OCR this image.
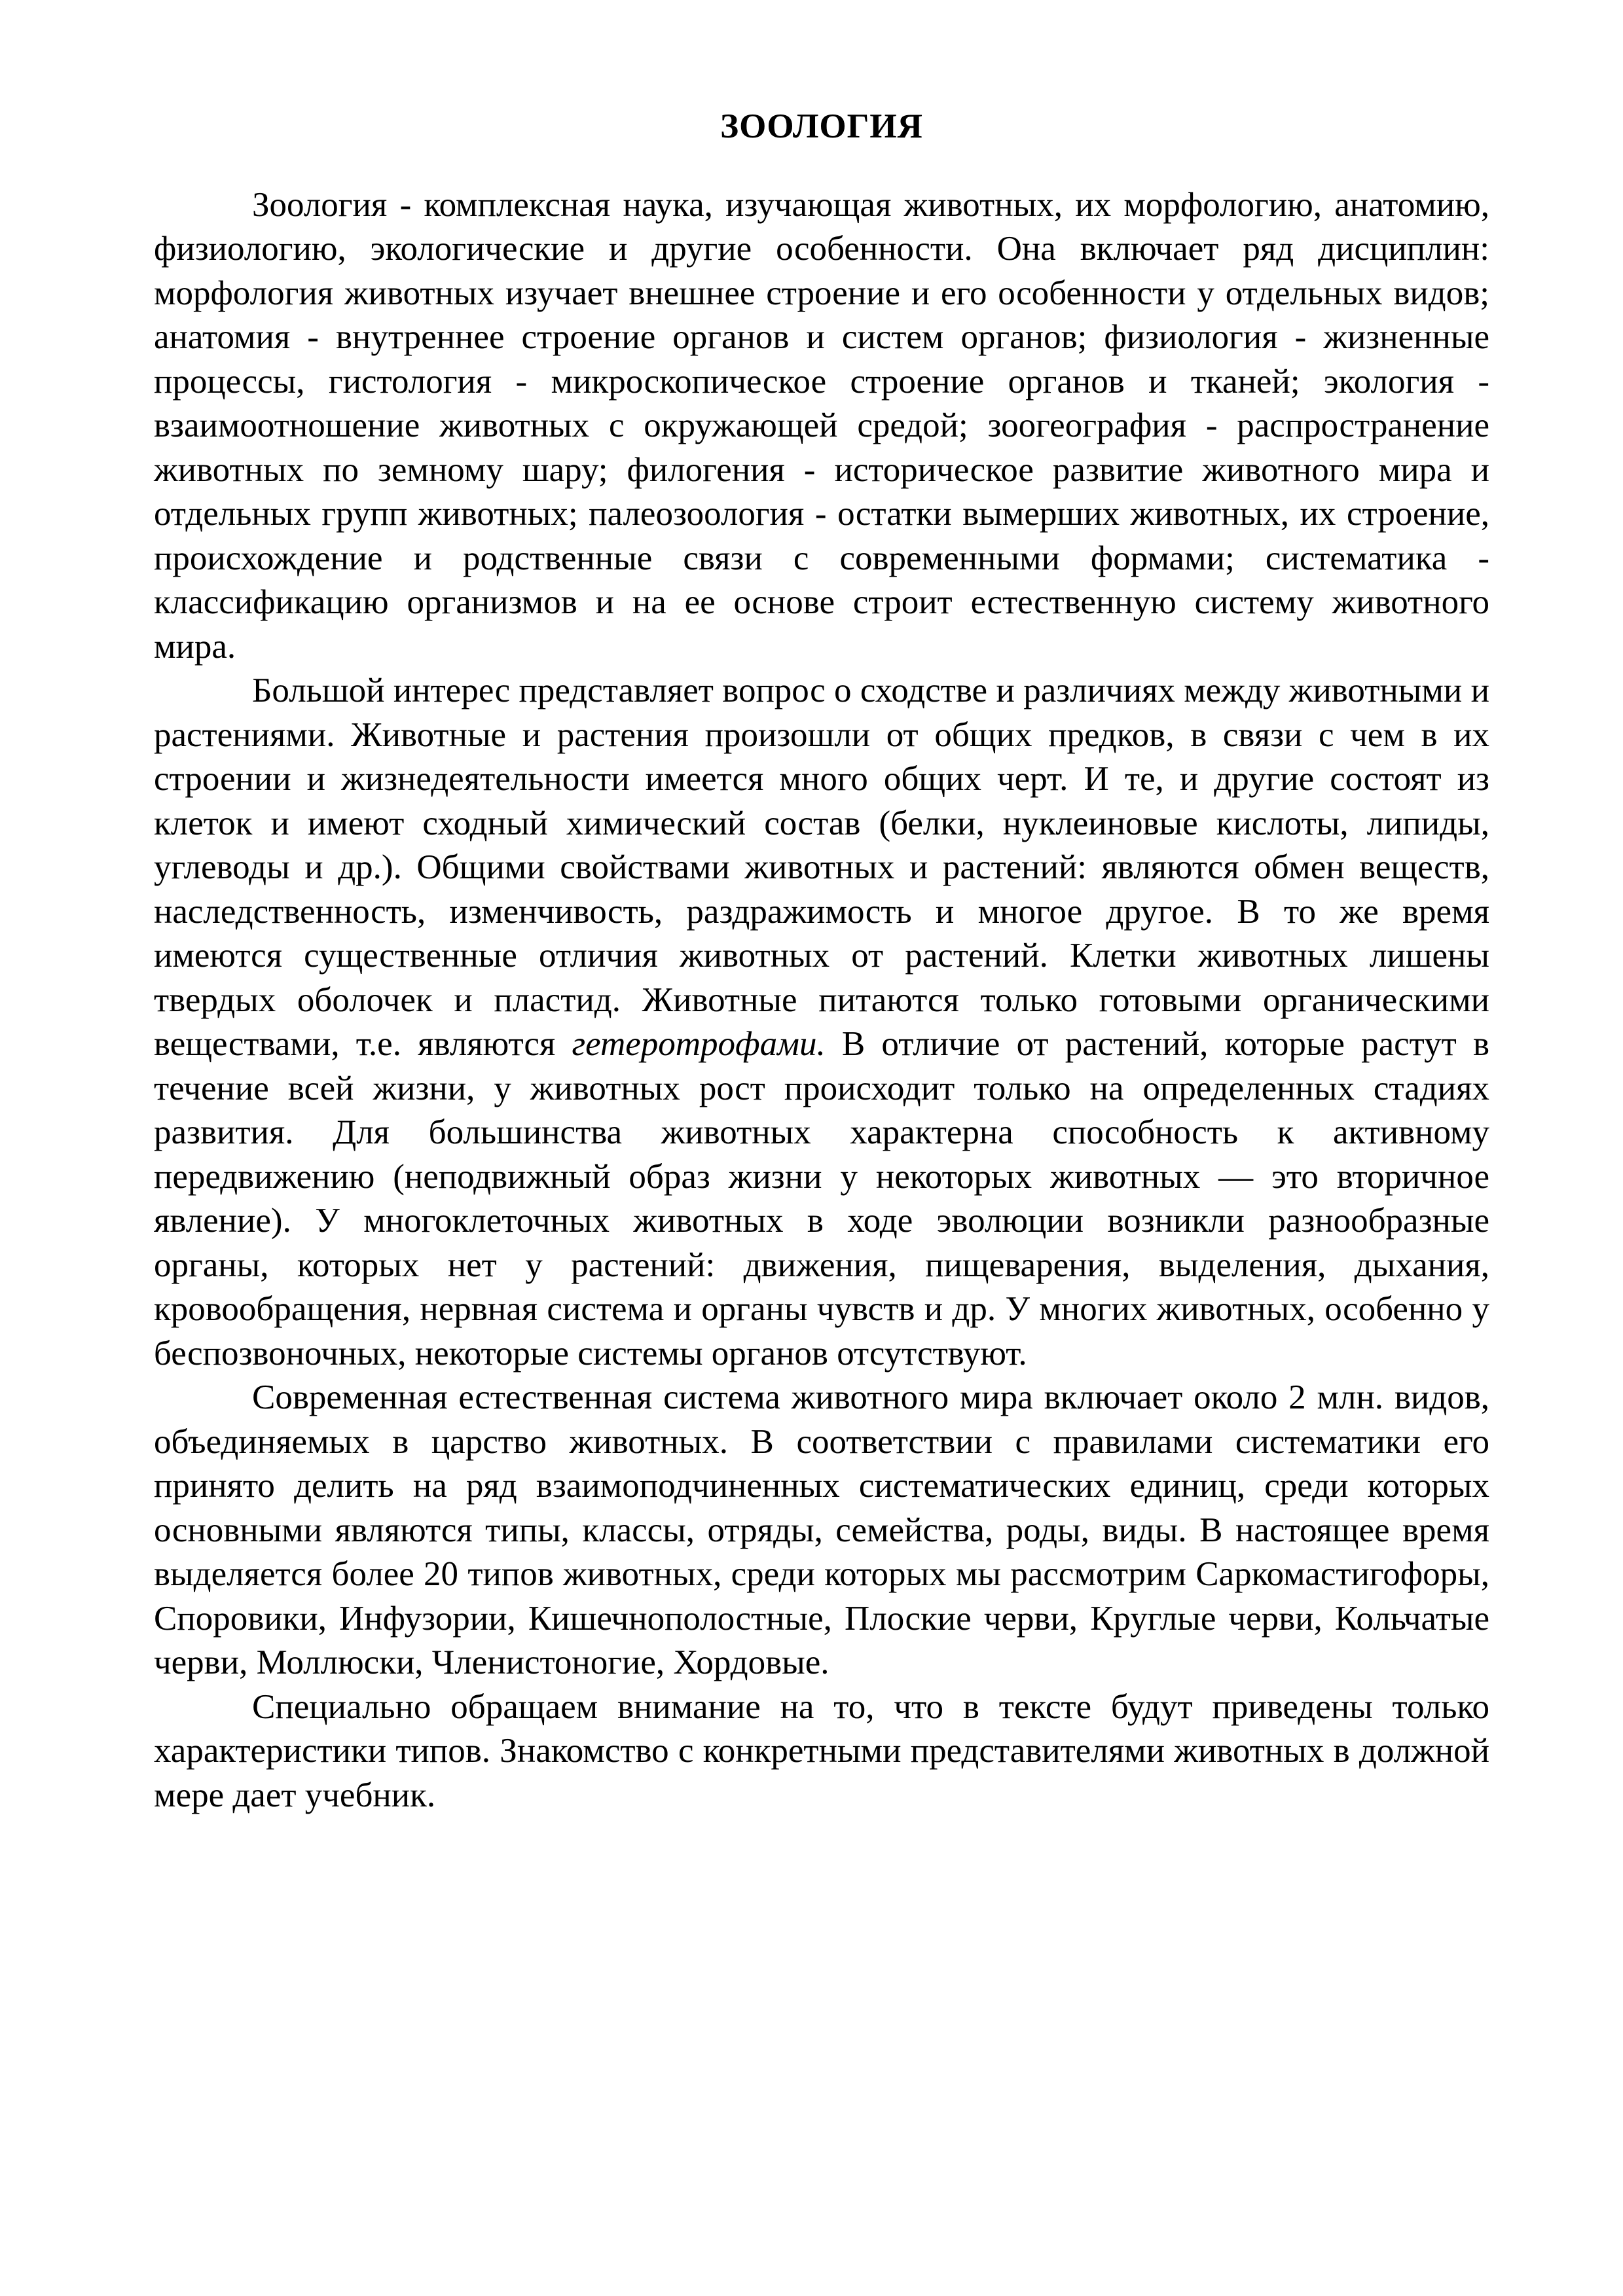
ЗООЛОГИЯ

Зоология - комплексная наука, изучающая животных, их морфологию, анатомию, физиологию, экологические и другие особенности. Она включает ряд дисциплин: морфология животных изучает внешнее строение и его особенности у отдельных видов; анатомия - внутреннее строение органов и систем органов; физиология - жизненные процессы, гистология - микроскопическое строение органов и тканей; экология - взаимоотношение животных с окружающей средой; зоогеография - распространение животных по земному шару; филогения - историческое развитие животного мира и отдельных групп животных; палеозоология - остатки вымерших животных, их строение, происхождение и родственные связи с современными формами; систематика - классификацию организмов и на ее основе строит естественную систему животного мира.

Большой интерес представляет вопрос о сходстве и различиях между животными и растениями. Животные и растения произошли от общих предков, в связи с чем в их строении и жизнедеятельности имеется много общих черт. И те, и другие состоят из клеток и имеют сходный химический состав (белки, нуклеиновые кислоты, липиды, углеводы и др.). Общими свойствами животных и растений: являются обмен веществ, наследственность, изменчивость, раздражимость и многое другое. В то же время имеются существенные отличия животных от растений. Клетки животных лишены твердых оболочек и пластид. Животные питаются только готовыми органическими веществами, т.е. являются гетеротрофами. В отличие от растений, которые растут в течение всей жизни, у животных рост происходит только на определенных стадиях развития. Для большинства животных характерна способность к активному передвижению (неподвижный образ жизни у некоторых животных — это вторичное явление). У многоклеточных животных в ходе эволюции возникли разнообразные органы, которых нет у растений: движения, пищеварения, выделения, дыхания, кровообращения, нервная система и органы чувств и др. У многих животных, особенно у беспозвоночных, некоторые системы органов отсутствуют.

Современная естественная система животного мира включает около 2 млн. видов, объединяемых в царство животных. В соответствии с правилами систематики его принято делить на ряд взаимоподчиненных систематических единиц, среди которых основными являются типы, классы, отряды, семейства, роды, виды. В настоящее время выделяется более 20 типов животных, среди которых мы рассмотрим Саркомастигофоры, Споровики, Инфузории, Кишечнополостные, Плоские черви, Круглые черви, Кольчатые черви, Моллюски, Членистоногие, Хордовые.

Специально обращаем внимание на то, что в тексте будут приведены только характеристики типов. Знакомство с конкретными представителями животных в должной мере дает учебник.
